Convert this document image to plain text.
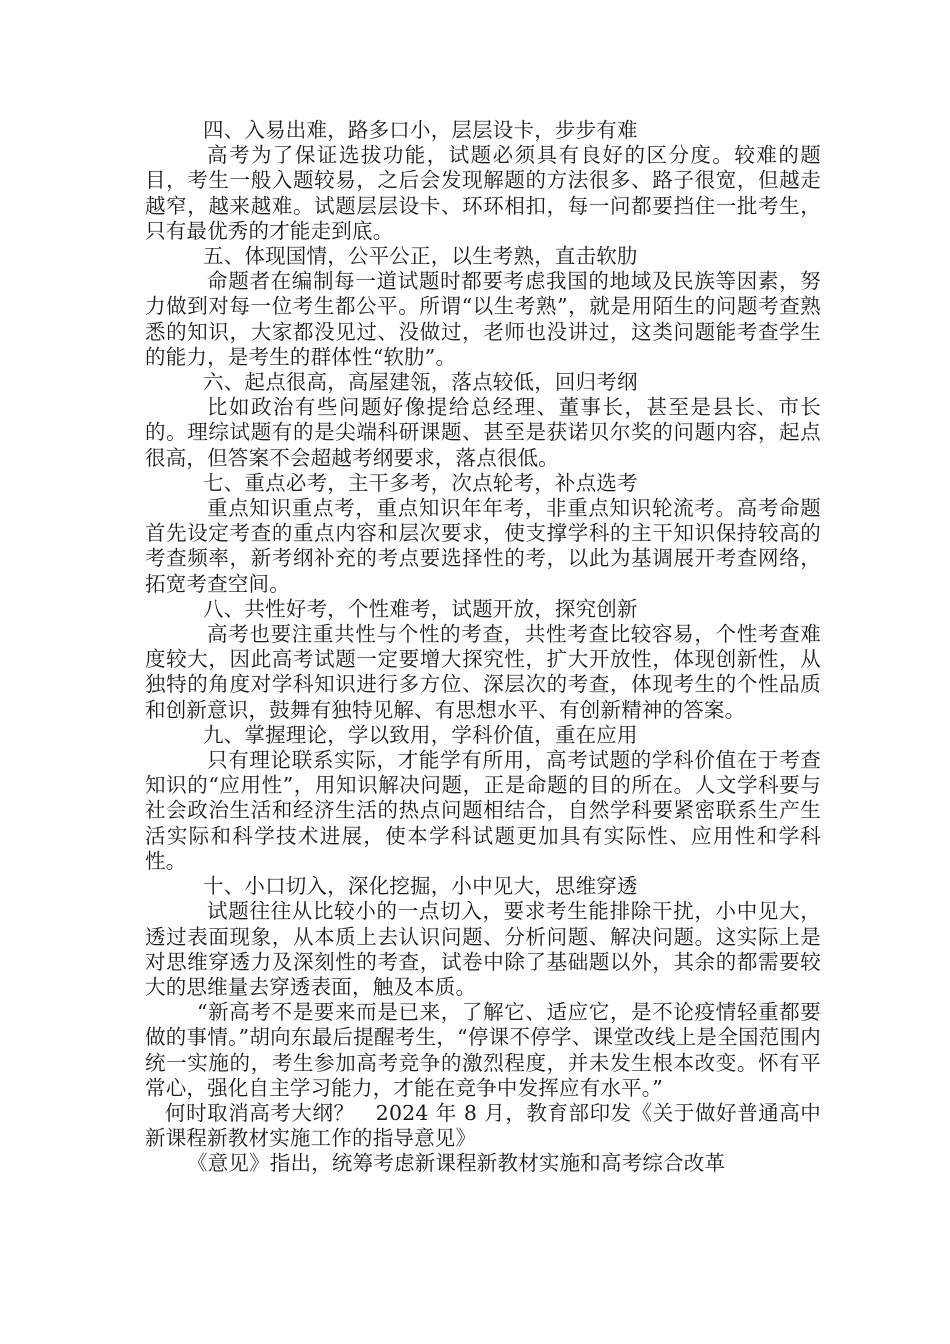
四、入易出难，路多口小，层层设卡，步步有难

高考为了保证选拔功能，试题必须具有良好的区分度。较难的题目，考生一般入题较易，之后会发现解题的方法很多、路子很宽，但越走越窄，越来越难。试题层层设卡、环环相扣，每一问都要挡住一批考生，只有最优秀的才能走到底。

五、体现国情，公平公正，以生考熟，直击软肋

命题者在编制每一道试题时都要考虑我国的地域及民族等因素，努力做到对每一位考生都公平。所谓“以生考熟”，就是用陌生的问题考查熟悉的知识，大家都没见过、没做过，老师也没讲过，这类问题能考查学生的能力，是考生的群体性“软肋”。

六、起点很高，高屋建瓴，落点较低，回归考纲

比如政治有些问题好像提给总经理、董事长，甚至是县长、市长的。理综试题有的是尖端科研课题、甚至是获诺贝尔奖的问题内容，起点很高，但答案不会超越考纲要求，落点很低。

七、重点必考，主干多考，次点轮考，补点选考

重点知识重点考，重点知识年年考，非重点知识轮流考。高考命题首先设定考查的重点内容和层次要求，使支撑学科的主干知识保持较高的考查频率，新考纲补充的考点要选择性的考，以此为基调展开考查网络，拓宽考查空间。

八、共性好考，个性难考，试题开放，探究创新

高考也要注重共性与个性的考查，共性考查比较容易，个性考查难度较大，因此高考试题一定要增大探究性，扩大开放性，体现创新性，从独特的角度对学科知识进行多方位、深层次的考查，体现考生的个性品质和创新意识，鼓舞有独特见解、有思想水平、有创新精神的答案。

九、掌握理论，学以致用，学科价值，重在应用

只有理论联系实际，才能学有所用，高考试题的学科价值在于考查知识的“应用性”，用知识解决问题，正是命题的目的所在。人文学科要与社会政治生活和经济生活的热点问题相结合，自然学科要紧密联系生产生活实际和科学技术进展，使本学科试题更加具有实际性、应用性和学科性。

十、小口切入，深化挖掘，小中见大，思维穿透

试题往往从比较小的一点切入，要求考生能排除干扰，小中见大，透过表面现象，从本质上去认识问题、分析问题、解决问题。这实际上是对思维穿透力及深刻性的考查，试卷中除了基础题以外，其余的都需要较大的思维量去穿透表面，触及本质。

“新高考不是要来而是已来，了解它、适应它，是不论疫情轻重都要做的事情。”胡向东最后提醒考生，“停课不停学、课堂改线上是全国范围内统一实施的，考生参加高考竞争的激烈程度，并未发生根本改变。怀有平常心，强化自主学习能力，才能在竞争中发挥应有水平。”

何时取消高考大纲？　2024 年 8 月，教育部印发《关于做好普通高中新课程新教材实施工作的指导意见》

《意见》指出，统筹考虑新课程新教材实施和高考综合改革
